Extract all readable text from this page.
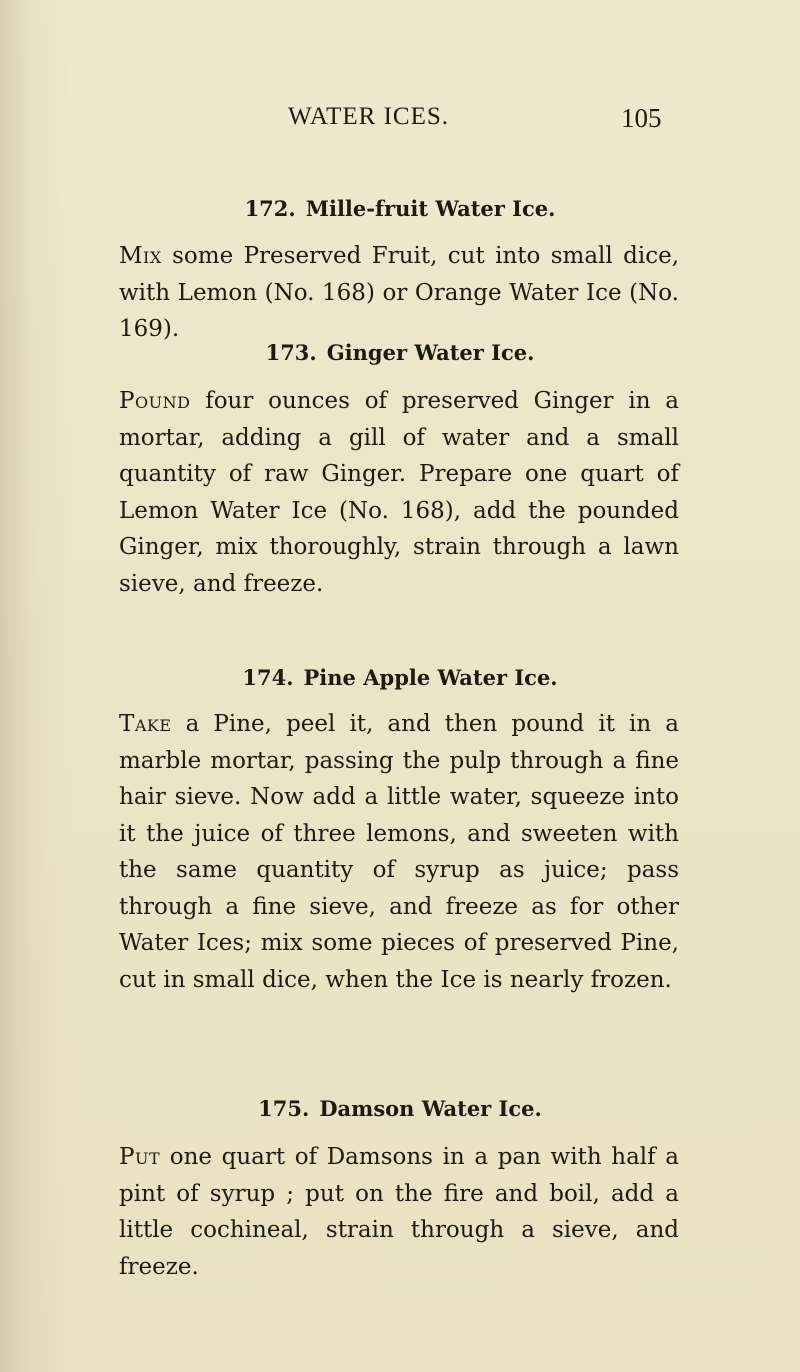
WATER ICES.	105
172. Mille-fruit Water Ice.

Mix some Preserved Fruit, cut into small dice, with Lemon (No. 168) or Orange Water Ice (No. 169).

173. Ginger Water Ice.

Pound four ounces of preserved Ginger in a mortar, adding a gill of water and a small quantity of raw Ginger. Prepare one quart of Lemon Water Ice (No. 168), add the pounded Ginger, mix thoroughly, strain through a lawn sieve, and freeze.

174. Pine Apple Water Ice.

Take a Pine, peel it, and then pound it in a marble mortar, passing the pulp through a fine hair sieve. Now add a little water, squeeze into it the juice of three lemons, and sweeten with the same quantity of syrup as juice; pass through a fine sieve, and freeze as for other Water Ices; mix some pieces of preserved Pine, cut in small dice, when the Ice is nearly frozen.

175. Damson Water Ice.

Put one quart of Damsons in a pan with half a pint of syrup ; put on the fire and boil, add a little cochineal, strain through a sieve, and freeze.
